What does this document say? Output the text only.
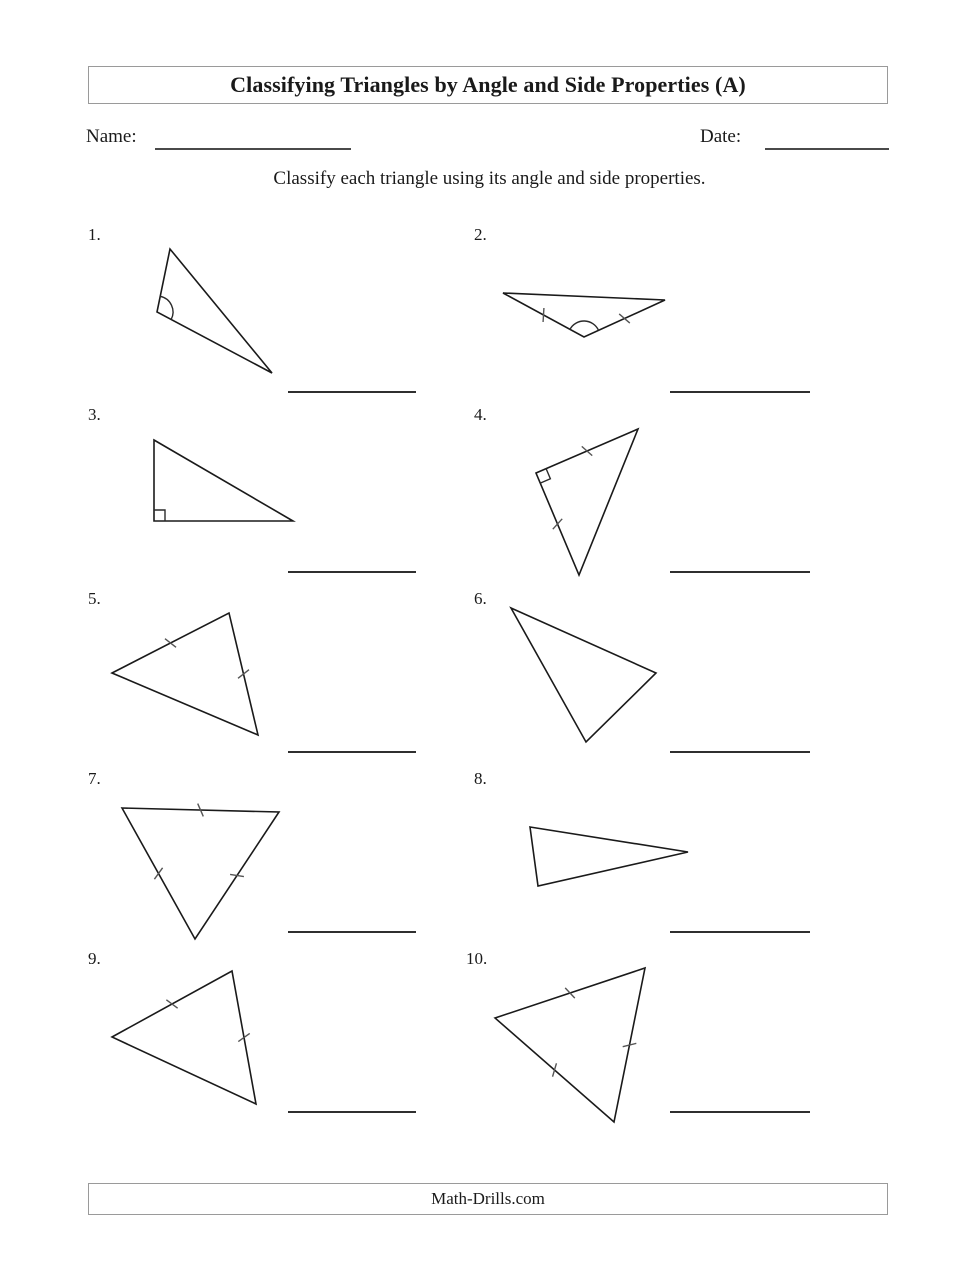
Classifying Triangles by Angle and Side Properties (A)
Name:	Date:
Classify each triangle using its angle and side properties.
1.	2.
3.	4.
5.	6.
7.	8.
9.	10.
Math-Drills.com
